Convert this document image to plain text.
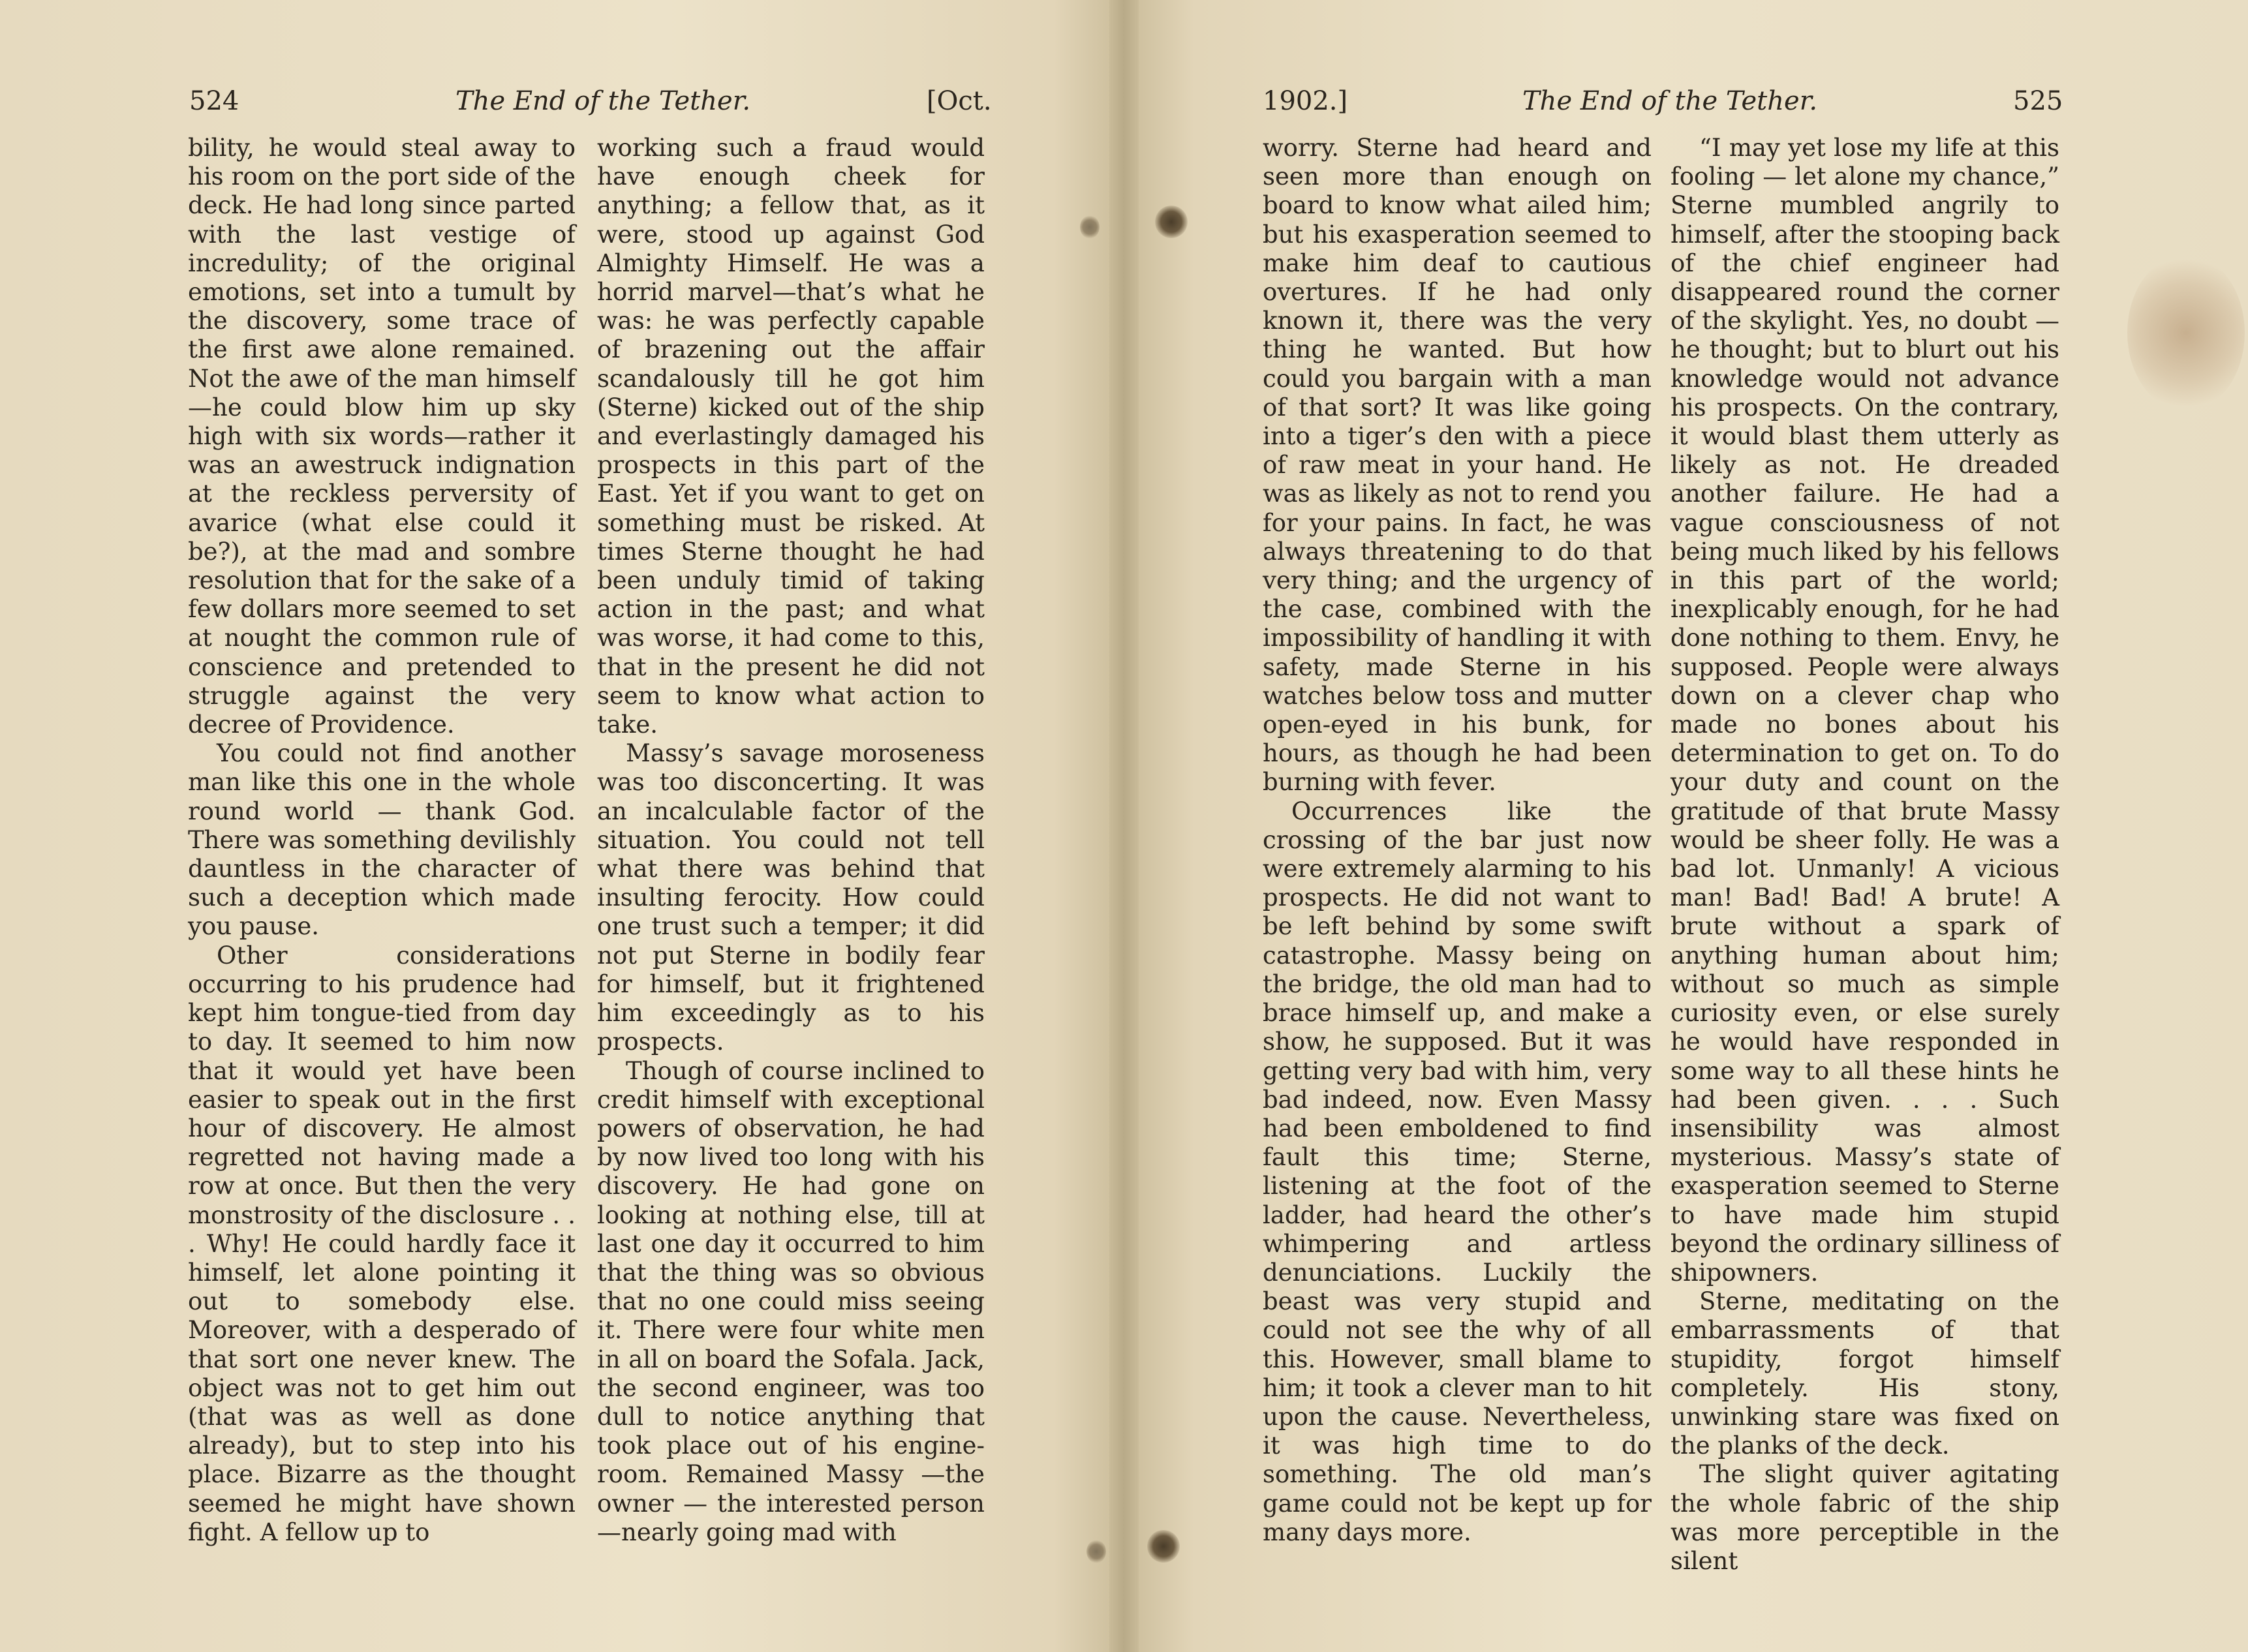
524	The End of the Tether.	[Oct.

bility, he would steal away to his room on the port side of the deck. He had long since parted with the last vestige of incredulity; of the original emotions, set into a tumult by the discovery, some trace of the first awe alone remained. Not the awe of the man himself—he could blow him up sky high with six words—rather it was an awestruck indignation at the reckless perversity of avarice (what else could it be?), at the mad and sombre resolution that for the sake of a few dollars more seemed to set at nought the common rule of conscience and pretended to struggle against the very decree of Providence.

You could not find another man like this one in the whole round world — thank God. There was something devilishly dauntless in the character of such a deception which made you pause.

Other considerations occurring to his prudence had kept him tongue-tied from day to day. It seemed to him now that it would yet have been easier to speak out in the first hour of discovery. He almost regretted not having made a row at once. But then the very monstrosity of the disclosure . . . Why! He could hardly face it himself, let alone pointing it out to somebody else. Moreover, with a desperado of that sort one never knew. The object was not to get him out (that was as well as done already), but to step into his place. Bizarre as the thought seemed he might have shown fight. A fellow up to

working such a fraud would have enough cheek for anything; a fellow that, as it were, stood up against God Almighty Himself. He was a horrid marvel—that’s what he was: he was perfectly capable of brazening out the affair scandalously till he got him (Sterne) kicked out of the ship and everlastingly damaged his prospects in this part of the East. Yet if you want to get on something must be risked. At times Sterne thought he had been unduly timid of taking action in the past; and what was worse, it had come to this, that in the present he did not seem to know what action to take.

Massy’s savage moroseness was too disconcerting. It was an incalculable factor of the situation. You could not tell what there was behind that insulting ferocity. How could one trust such a temper; it did not put Sterne in bodily fear for himself, but it frightened him exceedingly as to his prospects.

Though of course inclined to credit himself with exceptional powers of observation, he had by now lived too long with his discovery. He had gone on looking at nothing else, till at last one day it occurred to him that the thing was so obvious that no one could miss seeing it. There were four white men in all on board the Sofala. Jack, the second engineer, was too dull to notice anything that took place out of his engine-room. Remained Massy —the owner — the interested person—nearly going mad with

1902.]	The End of the Tether.	525

worry. Sterne had heard and seen more than enough on board to know what ailed him; but his exasperation seemed to make him deaf to cautious overtures. If he had only known it, there was the very thing he wanted. But how could you bargain with a man of that sort? It was like going into a tiger’s den with a piece of raw meat in your hand. He was as likely as not to rend you for your pains. In fact, he was always threatening to do that very thing; and the urgency of the case, combined with the impossibility of handling it with safety, made Sterne in his watches below toss and mutter open-eyed in his bunk, for hours, as though he had been burning with fever.

Occurrences like the crossing of the bar just now were extremely alarming to his prospects. He did not want to be left behind by some swift catastrophe. Massy being on the bridge, the old man had to brace himself up, and make a show, he supposed. But it was getting very bad with him, very bad indeed, now. Even Massy had been emboldened to find fault this time; Sterne, listening at the foot of the ladder, had heard the other’s whimpering and artless denunciations. Luckily the beast was very stupid and could not see the why of all this. However, small blame to him; it took a clever man to hit upon the cause. Nevertheless, it was high time to do something. The old man’s game could not be kept up for many days more.

“I may yet lose my life at this fooling — let alone my chance,” Sterne mumbled angrily to himself, after the stooping back of the chief engineer had disappeared round the corner of the skylight. Yes, no doubt — he thought; but to blurt out his knowledge would not advance his prospects. On the contrary, it would blast them utterly as likely as not. He dreaded another failure. He had a vague consciousness of not being much liked by his fellows in this part of the world; inexplicably enough, for he had done nothing to them. Envy, he supposed. People were always down on a clever chap who made no bones about his determination to get on. To do your duty and count on the gratitude of that brute Massy would be sheer folly. He was a bad lot. Unmanly! A vicious man! Bad! Bad! A brute! A brute without a spark of anything human about him; without so much as simple curiosity even, or else surely he would have responded in some way to all these hints he had been given. . . . Such insensibility was almost mysterious. Massy’s state of exasperation seemed to Sterne to have made him stupid beyond the ordinary silliness of shipowners.

Sterne, meditating on the embarrassments of that stupidity, forgot himself completely. His stony, unwinking stare was fixed on the planks of the deck.

The slight quiver agitating the whole fabric of the ship was more perceptible in the silent
